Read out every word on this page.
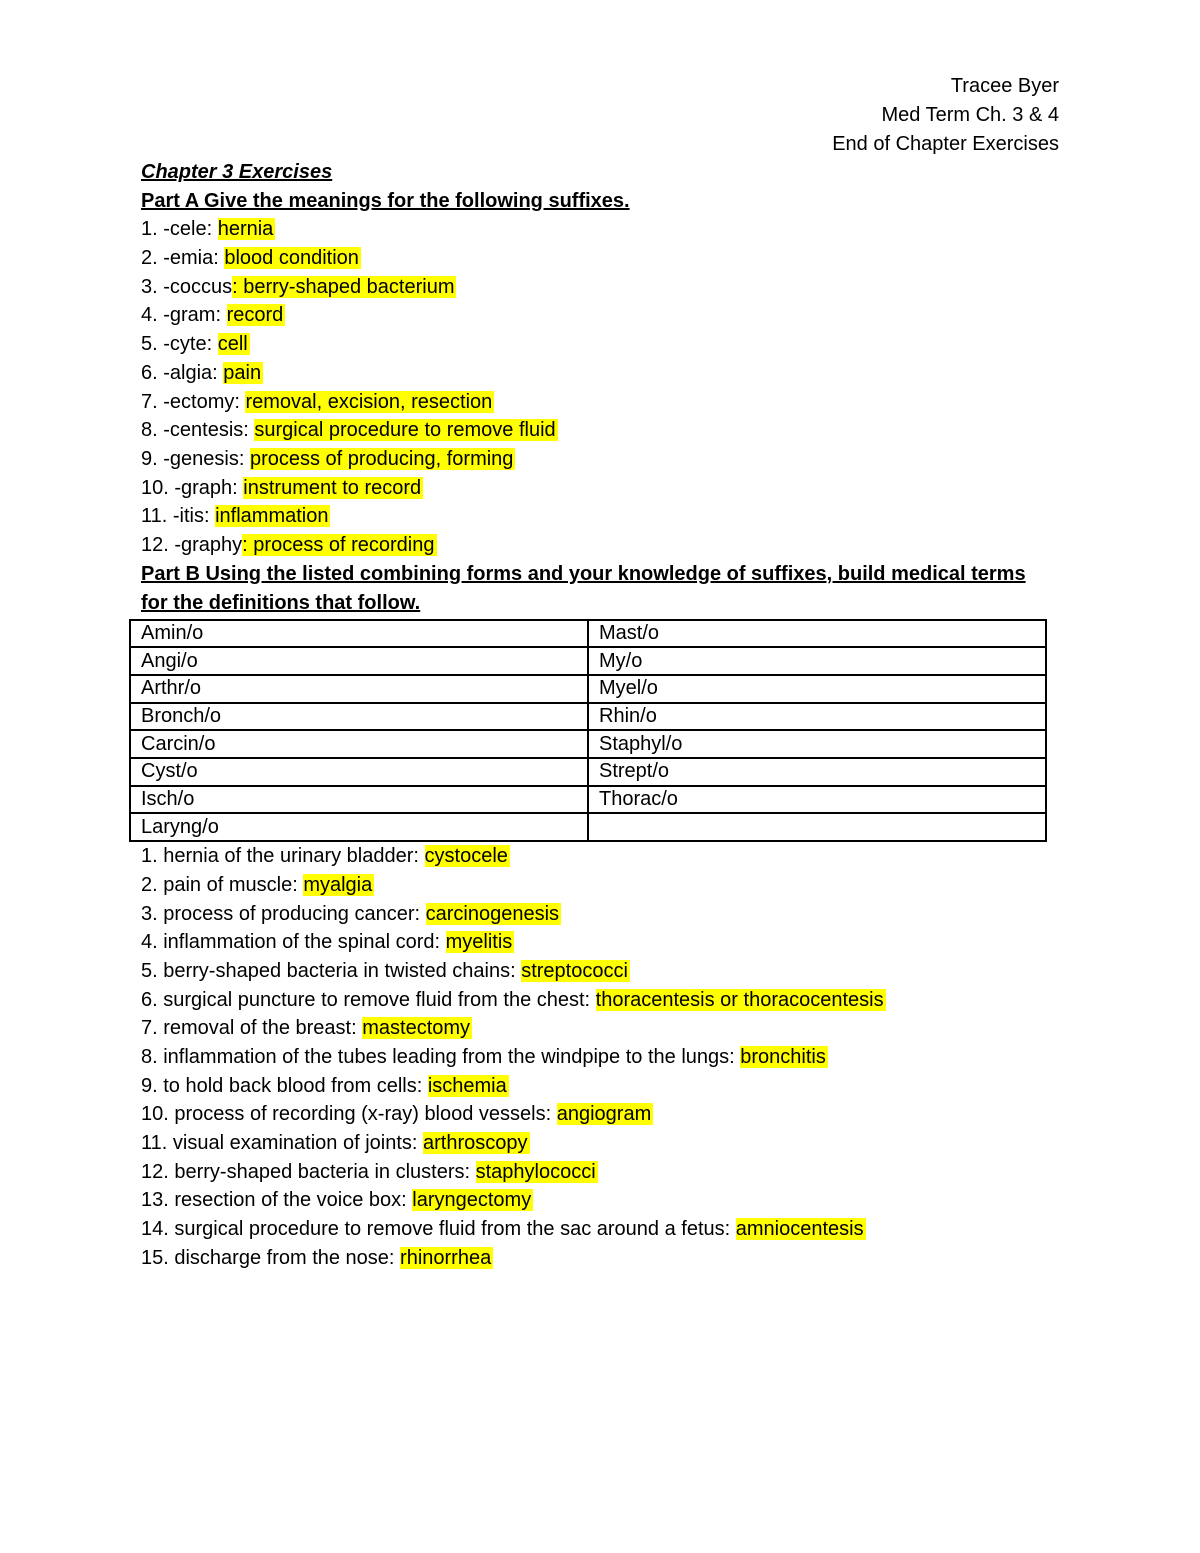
Tracee Byer
Med Term Ch. 3 & 4
End of Chapter Exercises
Chapter 3 Exercises
Part A Give the meanings for the following suffixes.
1. -cele: hernia
2. -emia: blood condition
3. -coccus: berry-shaped bacterium
4. -gram: record
5. -cyte: cell
6. -algia: pain
7. -ectomy: removal, excision, resection
8. -centesis: surgical procedure to remove fluid
9. -genesis: process of producing, forming
10. -graph: instrument to record
11. -itis: inflammation
12. -graphy: process of recording
Part B Using the listed combining forms and your knowledge of suffixes, build medical terms for the definitions that follow.
Amin/o	Mast/o
Angi/o	My/o
Arthr/o	Myel/o
Bronch/o	Rhin/o
Carcin/o	Staphyl/o
Cyst/o	Strept/o
Isch/o	Thorac/o
Laryng/o	
1. hernia of the urinary bladder: cystocele
2. pain of muscle: myalgia
3. process of producing cancer: carcinogenesis
4. inflammation of the spinal cord: myelitis
5. berry-shaped bacteria in twisted chains: streptococci
6. surgical puncture to remove fluid from the chest: thoracentesis or thoracocentesis
7. removal of the breast: mastectomy
8. inflammation of the tubes leading from the windpipe to the lungs: bronchitis
9. to hold back blood from cells: ischemia
10. process of recording (x-ray) blood vessels: angiogram
11. visual examination of joints: arthroscopy
12. berry-shaped bacteria in clusters: staphylococci
13. resection of the voice box: laryngectomy
14. surgical procedure to remove fluid from the sac around a fetus: amniocentesis
15. discharge from the nose: rhinorrhea
